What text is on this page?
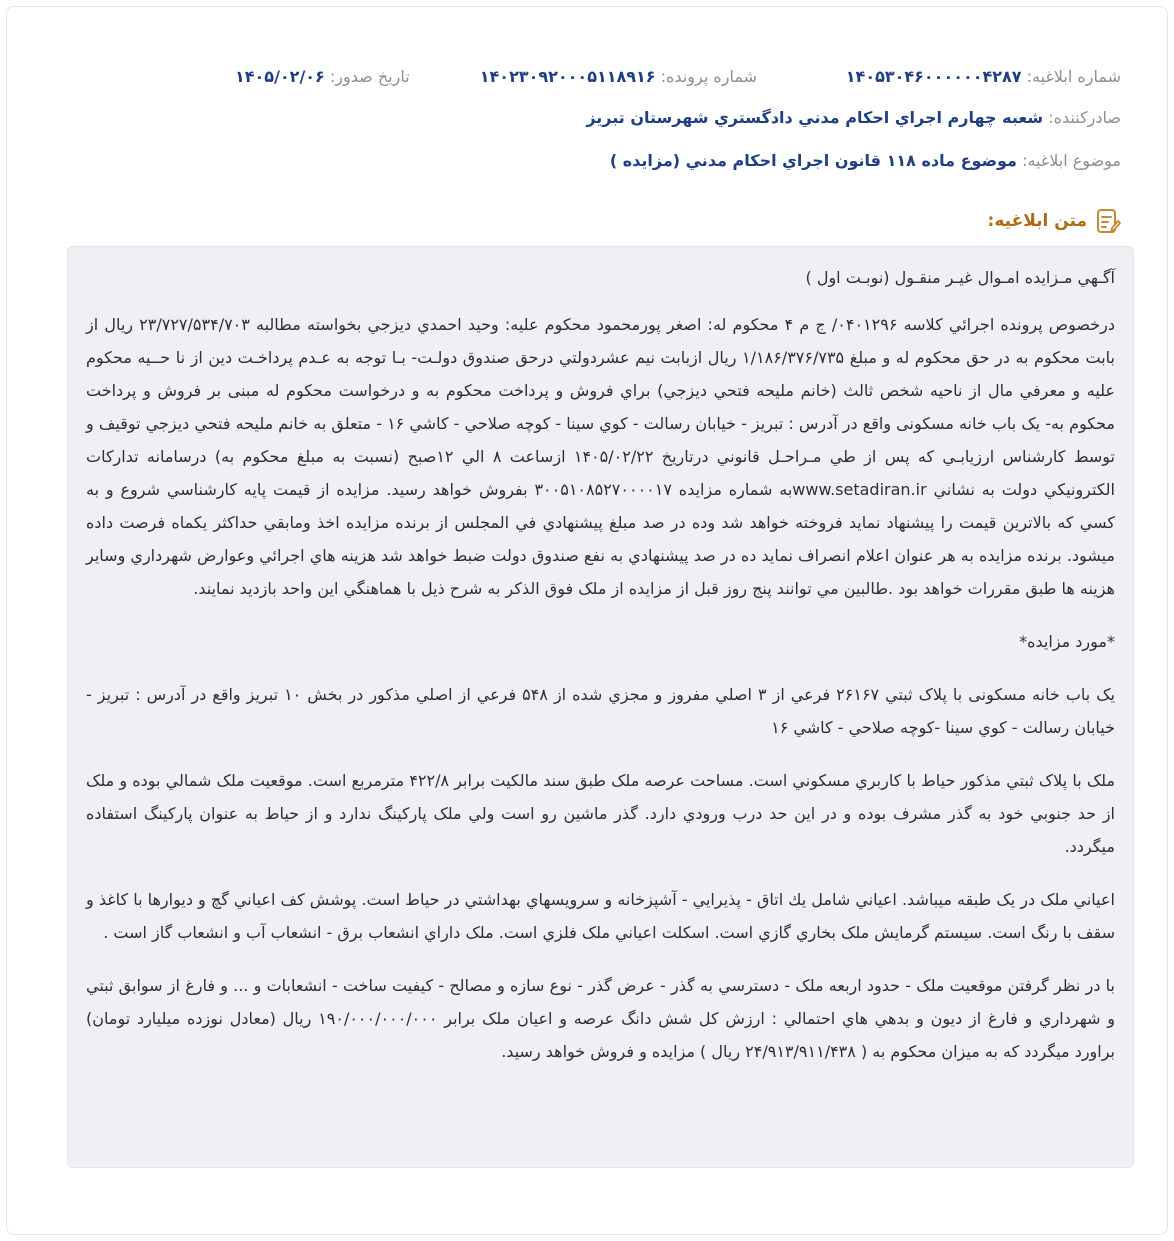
شماره ابلاغيه: ۱۴۰۵۳۰۴۶۰۰۰۰۰۰۴۲۸۷
شماره پرونده: ۱۴۰۲۳۰۹۲۰۰۰۵۱۱۸۹۱۶
تاريخ صدور: ۱۴۰۵/۰۲/۰۶
صادرکننده: شعبه چهارم اجراي احکام مدني دادگستري شهرستان تبريز
موضوع ابلاغيه: موضوع ماده ۱۱۸ قانون اجراي احکام مدني (مزايده )
متن ابلاغيه:

آگـهي مـزايده امـوال غيـر منقـول (نوبـت اول )

درخصوص پرونده اجرائي کلاسه ۰۴۰۱۲۹۶/ ج م ۴ محکوم له: اصغر پورمحمود محکوم عليه: وحيد احمدي ديزجي بخواسته مطالبه ۲۳/۷۲۷/۵۳۴/۷۰۳ ريال از بابت محکوم به در حق محکوم له و مبلغ ۱/۱۸۶/۳۷۶/۷۳۵ ريال ازبابت نيم عشردولتي درحق صندوق دولـت- بـا توجه به عـدم پرداخـت دين از نا حــيه محکوم عليه و معرفي مال از ناحيه شخص ثالث (خانم مليحه فتحي ديزجي) براي فروش و پرداخت محکوم به و درخواست محکوم له مبنی بر فروش و پرداخت محکوم به- يک باب خانه مسکونی واقع در آدرس : تبريز - خيابان رسالت - کوي سينا - کوچه صلاحي - کاشي ۱۶ - متعلق به خانم مليحه فتحي ديزجي توقيف و توسط کارشناس ارزيابـي که پس از طي مـراحـل قانوني درتاريخ ۱۴۰۵/۰۲/۲۲ ازساعت ۸ الي ۱۲صبح (نسبت به مبلغ محکوم به) درسامانه تدارکات الکترونيکي دولت به نشاني www.setadiran.irبه شماره مزايده ۳۰۰۵۱۰۸۵۲۷۰۰۰۰۱۷ بفروش خواهد رسيد. مزايده از قيمت پايه کارشناسي شروع و به کسي که بالاترين قيمت را پيشنهاد نمايد فروخته خواهد شد وده در صد مبلغ پيشنهادي في المجلس از برنده مزايده اخذ ومابقي حداکثر يکماه فرصت داده ميشود. برنده مزايده به هر عنوان اعلام انصراف نمايد ده در صد پيشنهادي به نفع صندوق دولت ضبط خواهد شد هزينه هاي اجرائي وعوارض شهرداري وساير هزينه ها طبق مقررات خواهد بود .طالبين مي توانند پنج روز قبل از مزايده از ملک فوق الذکر به شرح ذيل با هماهنگي اين واحد بازديد نمايند.

*مورد مزايده*

يک باب خانه مسکونی با پلاک ثبتي ۲۶۱۶۷ فرعي از ۳ اصلي مفروز و مجزي شده از ۵۴۸ فرعي از اصلي مذکور در بخش ۱۰ تبريز واقع در آدرس : تبريز - خيابان رسالت - کوي سينا -کوچه صلاحي - کاشي ۱۶

ملک با پلاک ثبتي مذکور حياط با کاربري مسکوني است. مساحت عرصه ملک طبق سند مالکيت برابر ۴۲۲/۸ مترمربع است. موقعيت ملک شمالي بوده و ملک از حد جنوبي خود به گذر مشرف بوده و در اين حد درب ورودي دارد. گذر ماشين رو است ولي ملک پارکينگ ندارد و از حياط به عنوان پارکينگ استفاده ميگردد.

اعياني ملک در يک طبقه ميباشد. اعياني شامل يك اتاق - پذيرايي - آشپزخانه و سرويسهاي بهداشتي در حياط است. پوشش کف اعياني گچ و ديوارها با کاغذ و سقف با رنگ است. سيستم گرمايش ملک بخاري گازي است. اسکلت اعياني ملک فلزي است. ملک داراي انشعاب برق - انشعاب آب و انشعاب گاز است .

با در نظر گرفتن موقعيت ملک - حدود اربعه ملک - دسترسي به گذر - عرض گذر - نوع سازه و مصالح - کيفيت ساخت - انشعابات و ... و فارغ از سوابق ثبتي و شهرداري و فارغ از ديون و بدهي هاي احتمالي : ارزش کل شش دانگ عرصه و اعيان ملک برابر ۱۹۰/۰۰۰/۰۰۰/۰۰۰ ريال (معادل نوزده ميليارد تومان) براورد ميگردد که به ميزان محکوم به ( ۲۴/۹۱۳/۹۱۱/۴۳۸ ريال ) مزايده و فروش خواهد رسيد.
